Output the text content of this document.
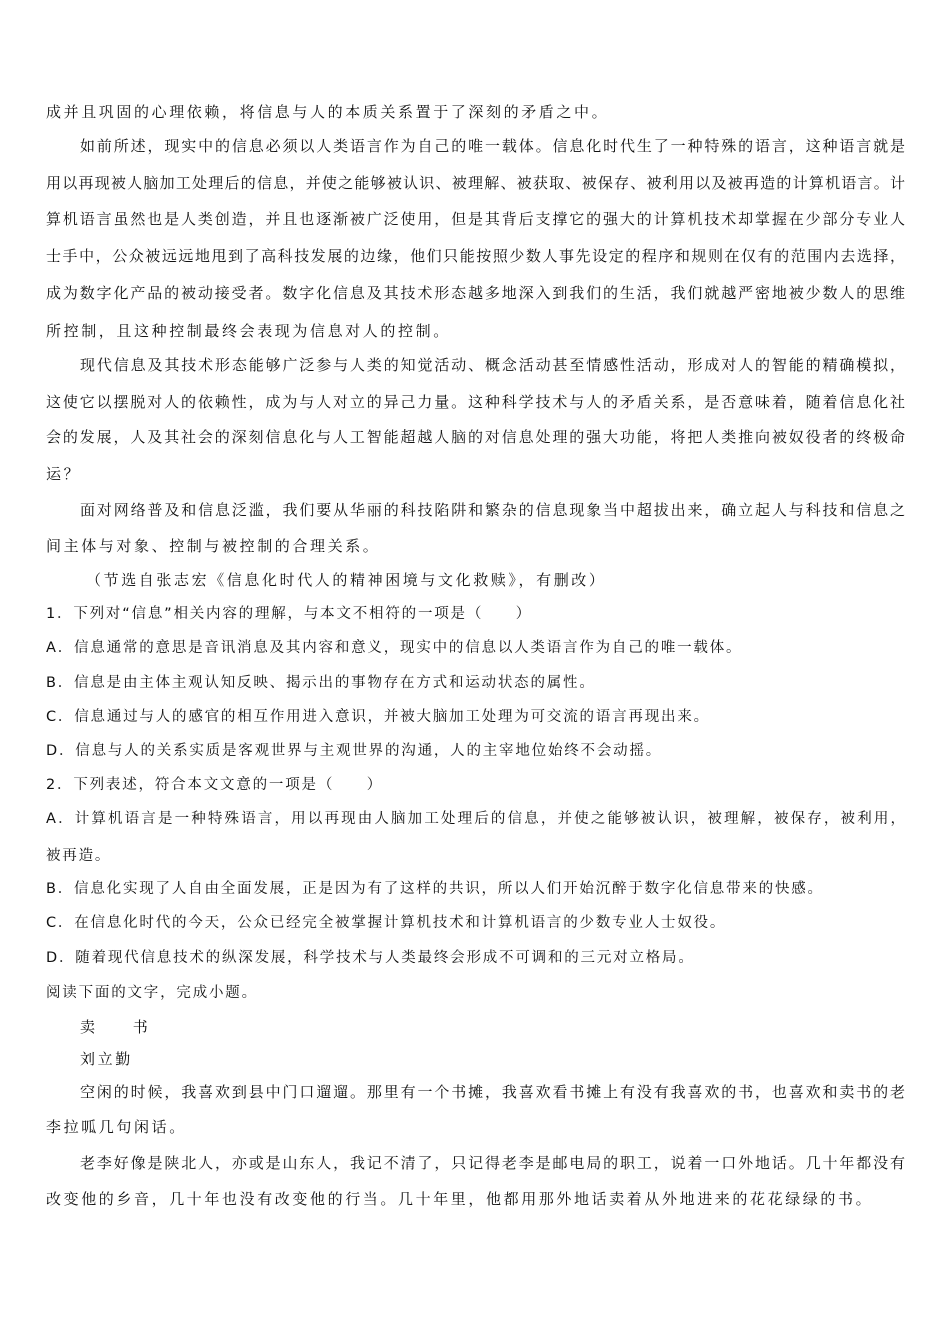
成并且巩固的心理依赖，将信息与人的本质关系置于了深刻的矛盾之中。
如前所述，现实中的信息必须以人类语言作为自己的唯一载体。信息化时代生了一种特殊的语言，这种语言就是
用以再现被人脑加工处理后的信息，并使之能够被认识、被理解、被获取、被保存、被利用以及被再造的计算机语言。计
算机语言虽然也是人类创造，并且也逐渐被广泛使用，但是其背后支撑它的强大的计算机技术却掌握在少部分专业人
士手中，公众被远远地甩到了高科技发展的边缘，他们只能按照少数人事先设定的程序和规则在仅有的范围内去选择，
成为数字化产品的被动接受者。数字化信息及其技术形态越多地深入到我们的生活，我们就越严密地被少数人的思维
所控制，且这种控制最终会表现为信息对人的控制。
现代信息及其技术形态能够广泛参与人类的知觉活动、概念活动甚至情感性活动，形成对人的智能的精确模拟，
这使它以摆脱对人的依赖性，成为与人对立的异己力量。这种科学技术与人的矛盾关系，是否意味着，随着信息化社
会的发展，人及其社会的深刻信息化与人工智能超越人脑的对信息处理的强大功能，将把人类推向被奴役者的终极命
运？
面对网络普及和信息泛滥，我们要从华丽的科技陷阱和繁杂的信息现象当中超拔出来，确立起人与科技和信息之
间主体与对象、控制与被控制的合理关系。
（节选自张志宏《信息化时代人的精神困境与文化救赎》，有删改）
1．下列对“信息”相关内容的理解，与本文不相符的一项是（　　）
A．信息通常的意思是音讯消息及其内容和意义，现实中的信息以人类语言作为自己的唯一载体。
B．信息是由主体主观认知反映、揭示出的事物存在方式和运动状态的属性。
C．信息通过与人的感官的相互作用进入意识，并被大脑加工处理为可交流的语言再现出来。
D．信息与人的关系实质是客观世界与主观世界的沟通，人的主宰地位始终不会动摇。
2．下列表述，符合本文文意的一项是（　　）
A．计算机语言是一种特殊语言，用以再现由人脑加工处理后的信息，并使之能够被认识，被理解，被保存，被利用，
被再造。
B．信息化实现了人自由全面发展，正是因为有了这样的共识，所以人们开始沉醉于数字化信息带来的快感。
C．在信息化时代的今天，公众已经完全被掌握计算机技术和计算机语言的少数专业人士奴役。
D．随着现代信息技术的纵深发展，科学技术与人类最终会形成不可调和的三元对立格局。
阅读下面的文字，完成小题。
卖　　书
刘立勤
空闲的时候，我喜欢到县中门口遛遛。那里有一个书摊，我喜欢看书摊上有没有我喜欢的书，也喜欢和卖书的老
李拉呱几句闲话。
老李好像是陕北人，亦或是山东人，我记不清了，只记得老李是邮电局的职工，说着一口外地话。几十年都没有
改变他的乡音，几十年也没有改变他的行当。几十年里，他都用那外地话卖着从外地进来的花花绿绿的书。
